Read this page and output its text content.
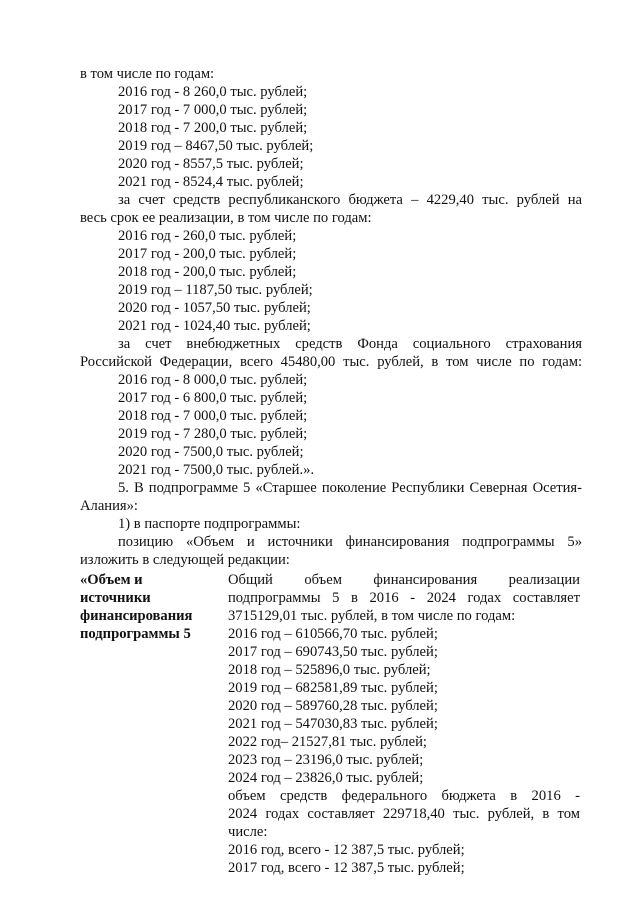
в том числе по годам:
2016 год - 8 260,0 тыс. рублей;
2017 год - 7 000,0 тыс. рублей;
2018 год - 7 200,0 тыс. рублей;
2019 год – 8467,50 тыс. рублей;
2020 год - 8557,5 тыс. рублей;
2021 год - 8524,4 тыс. рублей;
за счет средств республиканского бюджета – 4229,40 тыс. рублей на
весь срок ее реализации, в том числе по годам:
2016 год - 260,0 тыс. рублей;
2017 год - 200,0 тыс. рублей;
2018 год - 200,0 тыс. рублей;
2019 год – 1187,50 тыс. рублей;
2020 год - 1057,50 тыс. рублей;
2021 год - 1024,40 тыс. рублей;
за счет внебюджетных средств Фонда социального страхования
Российской Федерации, всего 45480,00 тыс. рублей, в том числе по годам:
2016 год - 8 000,0 тыс. рублей;
2017 год - 6 800,0 тыс. рублей;
2018 год - 7 000,0 тыс. рублей;
2019 год - 7 280,0 тыс. рублей;
2020 год - 7500,0 тыс. рублей;
2021 год - 7500,0 тыс. рублей.».
5. В подпрограмме 5 «Старшее поколение Республики Северная Осетия-
Алания»:
1) в паспорте подпрограммы:
позицию «Объем и источники финансирования подпрограммы 5»
изложить в следующей редакции:
«Объем и
источники
финансирования
подпрограммы 5
Общий объем финансирования реализации
подпрограммы 5 в 2016 - 2024 годах составляет
3715129,01 тыс. рублей, в том числе по годам:
2016 год – 610566,70 тыс. рублей;
2017 год – 690743,50 тыс. рублей;
2018 год – 525896,0 тыс. рублей;
2019 год – 682581,89 тыс. рублей;
2020 год – 589760,28 тыс. рублей;
2021 год – 547030,83 тыс. рублей;
2022 год– 21527,81 тыс. рублей;
2023 год – 23196,0 тыс. рублей;
2024 год – 23826,0 тыс. рублей;
объем средств федерального бюджета в 2016 -
2024 годах составляет 229718,40 тыс. рублей, в том
числе:
2016 год, всего - 12 387,5 тыс. рублей;
2017 год, всего - 12 387,5 тыс. рублей;
